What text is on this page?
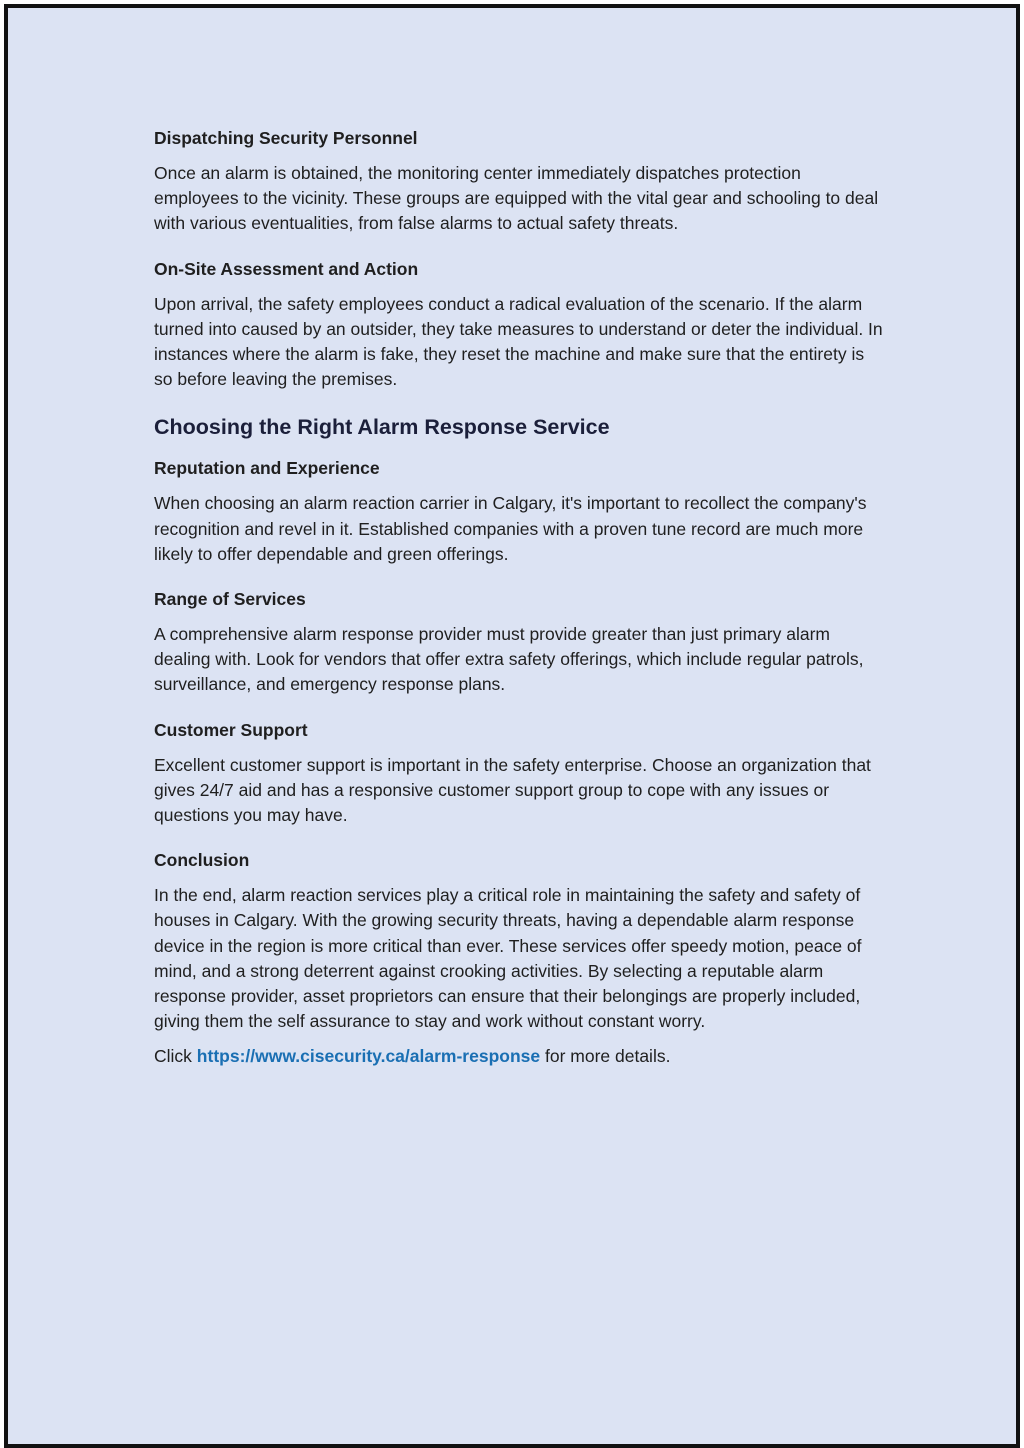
Dispatching Security Personnel
Once an alarm is obtained, the monitoring center immediately dispatches protection employees to the vicinity. These groups are equipped with the vital gear and schooling to deal with various eventualities, from false alarms to actual safety threats.
On-Site Assessment and Action
Upon arrival, the safety employees conduct a radical evaluation of the scenario. If the alarm turned into caused by an outsider, they take measures to understand or deter the individual. In instances where the alarm is fake, they reset the machine and make sure that the entirety is so before leaving the premises.
Choosing the Right Alarm Response Service
Reputation and Experience
When choosing an alarm reaction carrier in Calgary, it's important to recollect the company's recognition and revel in it. Established companies with a proven tune record are much more likely to offer dependable and green offerings.
Range of Services
A comprehensive alarm response provider must provide greater than just primary alarm dealing with. Look for vendors that offer extra safety offerings, which include regular patrols, surveillance, and emergency response plans.
Customer Support
Excellent customer support is important in the safety enterprise. Choose an organization that gives 24/7 aid and has a responsive customer support group to cope with any issues or questions you may have.
Conclusion
In the end, alarm reaction services play a critical role in maintaining the safety and safety of houses in Calgary. With the growing security threats, having a dependable alarm response device in the region is more critical than ever. These services offer speedy motion, peace of mind, and a strong deterrent against crooking activities. By selecting a reputable alarm response provider, asset proprietors can ensure that their belongings are properly included, giving them the self assurance to stay and work without constant worry.
Click https://www.cisecurity.ca/alarm-response for more details.
